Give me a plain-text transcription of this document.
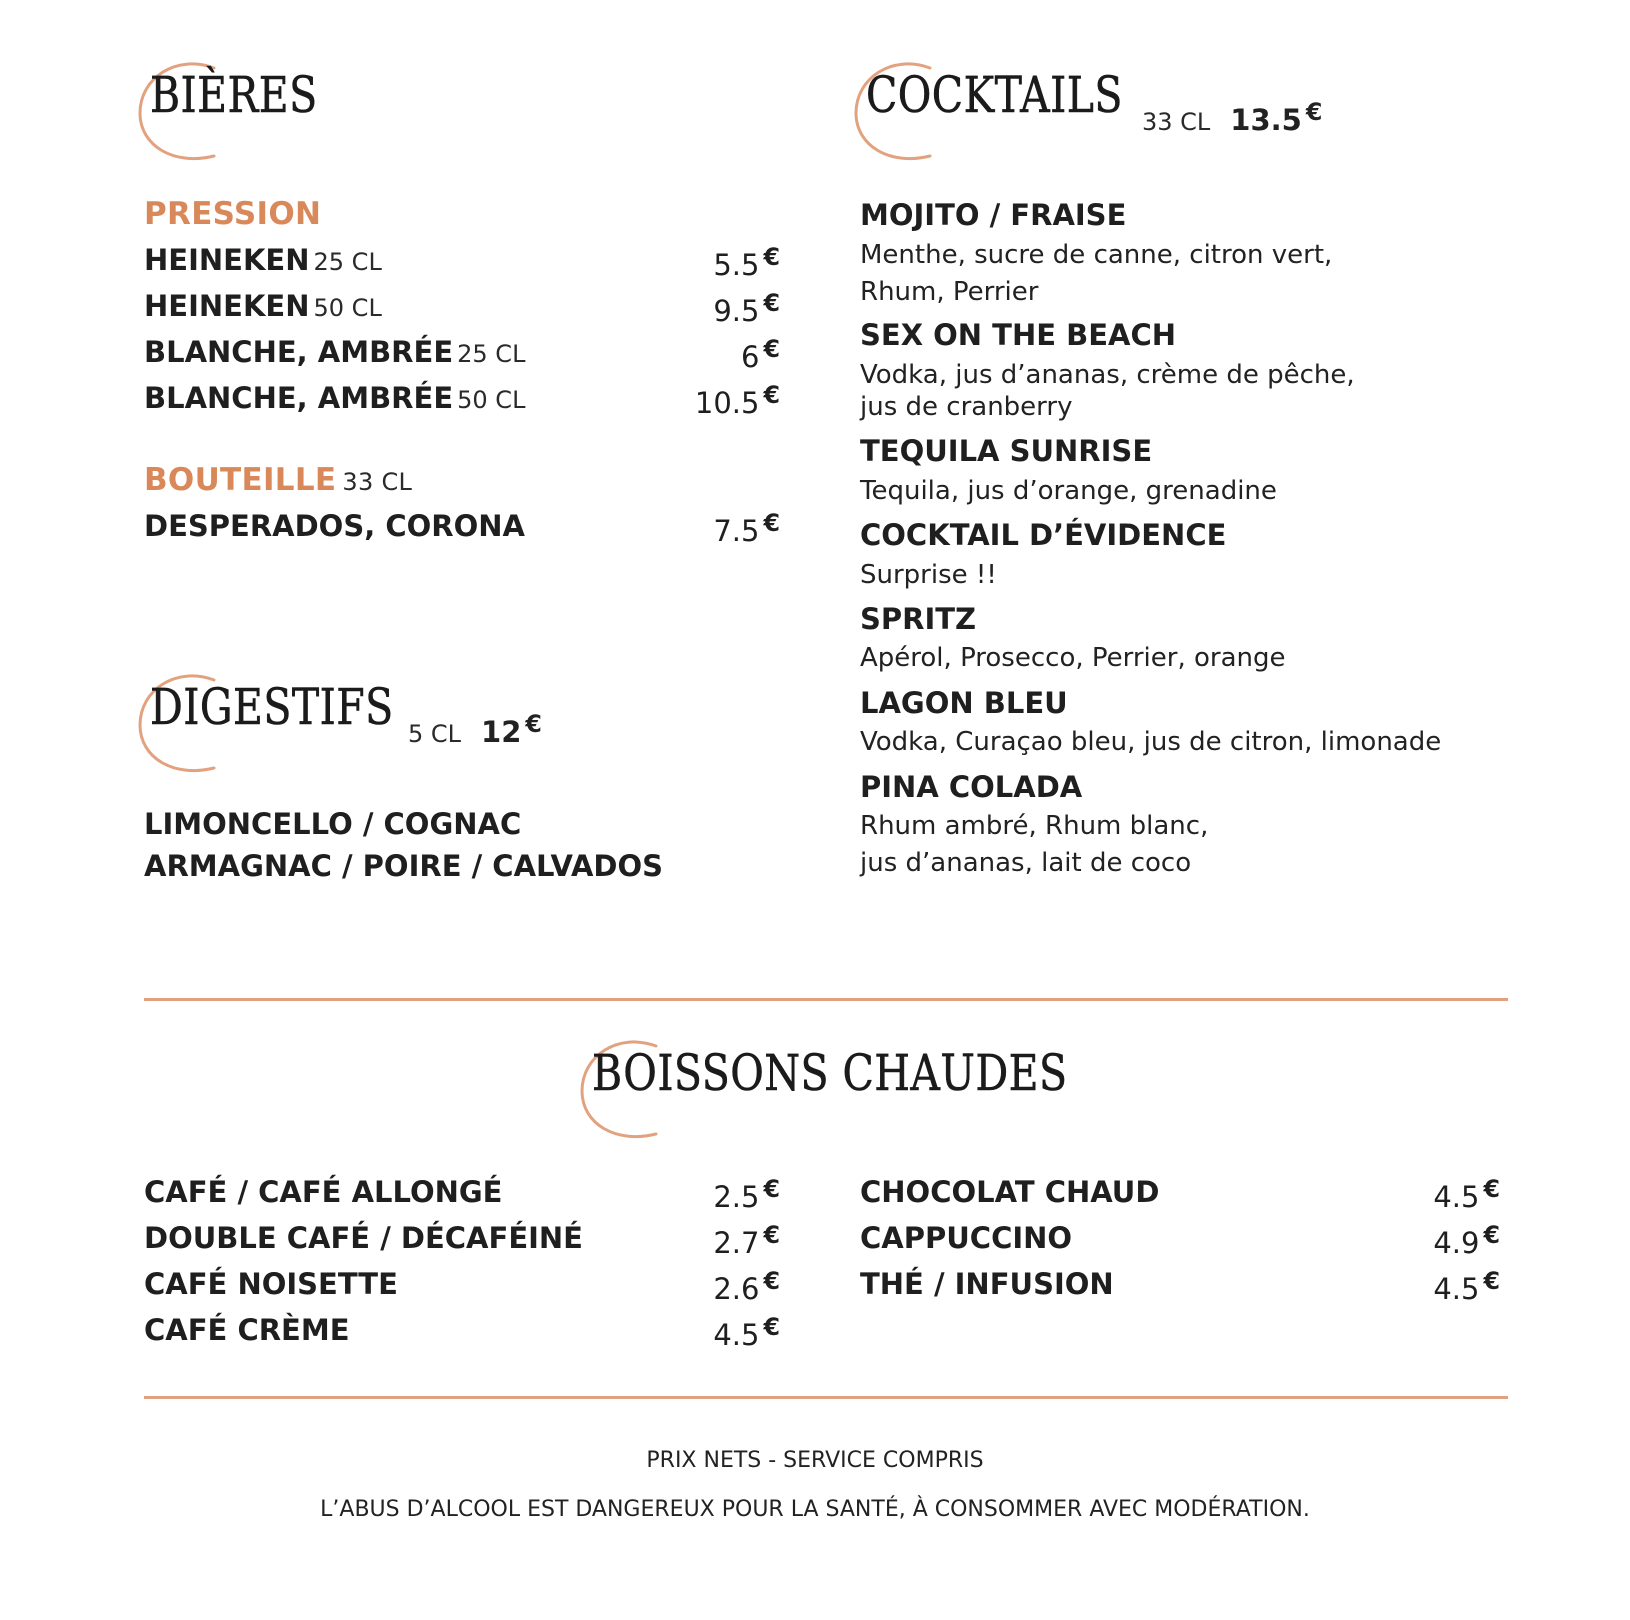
BIÈRES
PRESSION
HEINEKEN 25 CL	5.5 €
HEINEKEN 50 CL	9.5 €
BLANCHE, AMBRÉE 25 CL	6 €
BLANCHE, AMBRÉE 50 CL	10.5 €
BOUTEILLE 33 CL
DESPERADOS, CORONA	7.5 €
DIGESTIFS 5 CL 12 €
LIMONCELLO / COGNAC
ARMAGNAC / POIRE / CALVADOS
COCKTAILS 33 CL 13.5 €
MOJITO / FRAISE
Menthe, sucre de canne, citron vert,
Rhum, Perrier
SEX ON THE BEACH
Vodka, jus d’ananas, crème de pêche,
jus de cranberry
TEQUILA SUNRISE
Tequila, jus d’orange, grenadine
COCKTAIL D’ÉVIDENCE
Surprise !!
SPRITZ
Apérol, Prosecco, Perrier, orange
LAGON BLEU
Vodka, Curaçao bleu, jus de citron, limonade
PINA COLADA
Rhum ambré, Rhum blanc,
jus d’ananas, lait de coco
BOISSONS CHAUDES
CAFÉ / CAFÉ ALLONGÉ	2.5 €
DOUBLE CAFÉ / DÉCAFÉINÉ	2.7 €
CAFÉ NOISETTE	2.6 €
CAFÉ CRÈME	4.5 €
CHOCOLAT CHAUD	4.5 €
CAPPUCCINO	4.9 €
THÉ / INFUSION	4.5 €
PRIX NETS - SERVICE COMPRIS
L’ABUS D’ALCOOL EST DANGEREUX POUR LA SANTÉ, À CONSOMMER AVEC MODÉRATION.
